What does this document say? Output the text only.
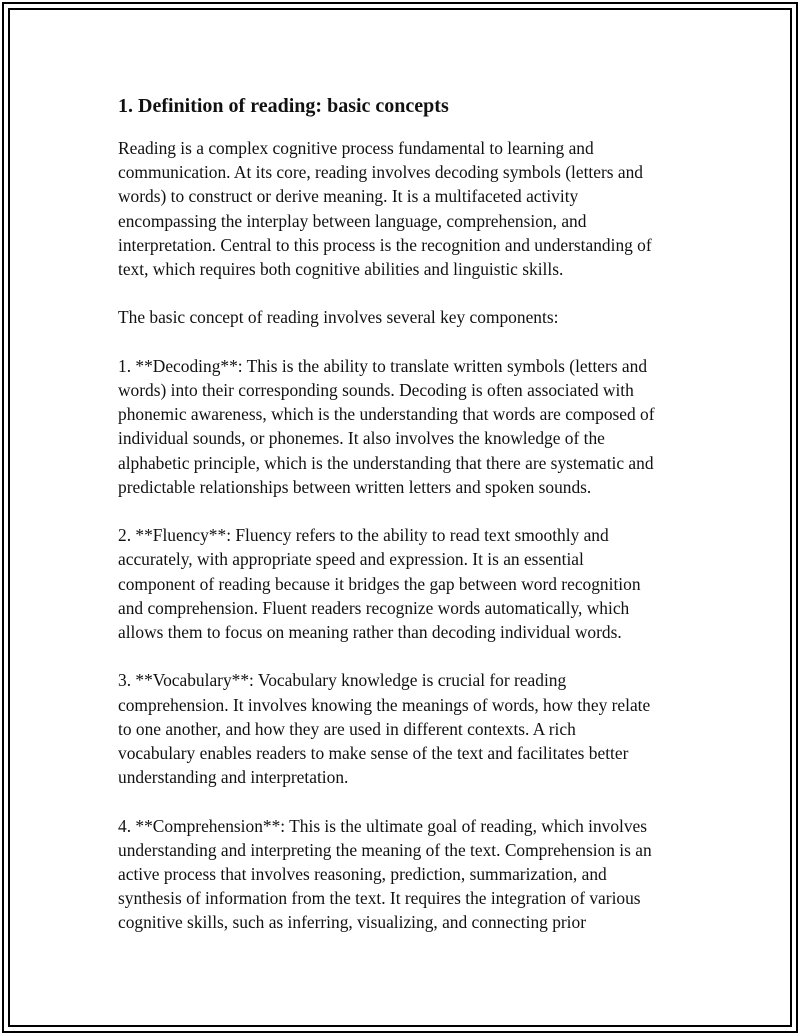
1. Definition of reading: basic concepts
Reading is a complex cognitive process fundamental to learning and
communication. At its core, reading involves decoding symbols (letters and
words) to construct or derive meaning. It is a multifaceted activity
encompassing the interplay between language, comprehension, and
interpretation. Central to this process is the recognition and understanding of
text, which requires both cognitive abilities and linguistic skills.
The basic concept of reading involves several key components:
1. **Decoding**: This is the ability to translate written symbols (letters and
words) into their corresponding sounds. Decoding is often associated with
phonemic awareness, which is the understanding that words are composed of
individual sounds, or phonemes. It also involves the knowledge of the
alphabetic principle, which is the understanding that there are systematic and
predictable relationships between written letters and spoken sounds.
2. **Fluency**: Fluency refers to the ability to read text smoothly and
accurately, with appropriate speed and expression. It is an essential
component of reading because it bridges the gap between word recognition
and comprehension. Fluent readers recognize words automatically, which
allows them to focus on meaning rather than decoding individual words.
3. **Vocabulary**: Vocabulary knowledge is crucial for reading
comprehension. It involves knowing the meanings of words, how they relate
to one another, and how they are used in different contexts. A rich
vocabulary enables readers to make sense of the text and facilitates better
understanding and interpretation.
4. **Comprehension**: This is the ultimate goal of reading, which involves
understanding and interpreting the meaning of the text. Comprehension is an
active process that involves reasoning, prediction, summarization, and
synthesis of information from the text. It requires the integration of various
cognitive skills, such as inferring, visualizing, and connecting prior
